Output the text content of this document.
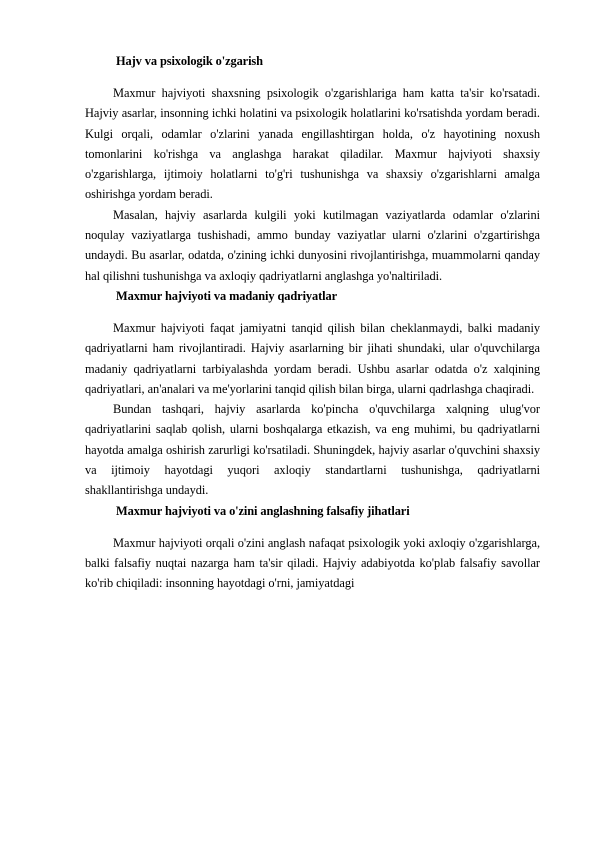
Hajv va psixologik o'zgarish

Maxmur hajviyoti shaxsning psixologik o'zgarishlariga ham katta ta'sir ko'rsatadi. Hajviy asarlar, insonning ichki holatini va psixologik holatlarini ko'rsatishda yordam beradi. Kulgi orqali, odamlar o'zlarini yanada engillashtirgan holda, o'z hayotining noxush tomonlarini ko'rishga va anglashga harakat qiladilar. Maxmur hajviyoti shaxsiy o'zgarishlarga, ijtimoiy holatlarni to'g'ri tushunishga va shaxsiy o'zgarishlarni amalga oshirishga yordam beradi.

Masalan, hajviy asarlarda kulgili yoki kutilmagan vaziyatlarda odamlar o'zlarini noqulay vaziyatlarga tushishadi, ammo bunday vaziyatlar ularni o'zlarini o'zgartirishga undaydi. Bu asarlar, odatda, o'zining ichki dunyosini rivojlantirishga, muammolarni qanday hal qilishni tushunishga va axloqiy qadriyatlarni anglashga yo'naltiriladi.

Maxmur hajviyoti va madaniy qadriyatlar

Maxmur hajviyoti faqat jamiyatni tanqid qilish bilan cheklanmaydi, balki madaniy qadriyatlarni ham rivojlantiradi. Hajviy asarlarning bir jihati shundaki, ular o'quvchilarga madaniy qadriyatlarni tarbiyalashda yordam beradi. Ushbu asarlar odatda o'z xalqining qadriyatlari, an'analari va me'yorlarini tanqid qilish bilan birga, ularni qadrlashga chaqiradi.

Bundan tashqari, hajviy asarlarda ko'pincha o'quvchilarga xalqning ulug'vor qadriyatlarini saqlab qolish, ularni boshqalarga etkazish, va eng muhimi, bu qadriyatlarni hayotda amalga oshirish zarurligi ko'rsatiladi. Shuningdek, hajviy asarlar o'quvchini shaxsiy va ijtimoiy hayotdagi yuqori axloqiy standartlarni tushunishga, qadriyatlarni shakllantirishga undaydi.

Maxmur hajviyoti va o'zini anglashning falsafiy jihatlari

Maxmur hajviyoti orqali o'zini anglash nafaqat psixologik yoki axloqiy o'zgarishlarga, balki falsafiy nuqtai nazarga ham ta'sir qiladi. Hajviy adabiyotda ko'plab falsafiy savollar ko'rib chiqiladi: insonning hayotdagi o'rni, jamiyatdagi
